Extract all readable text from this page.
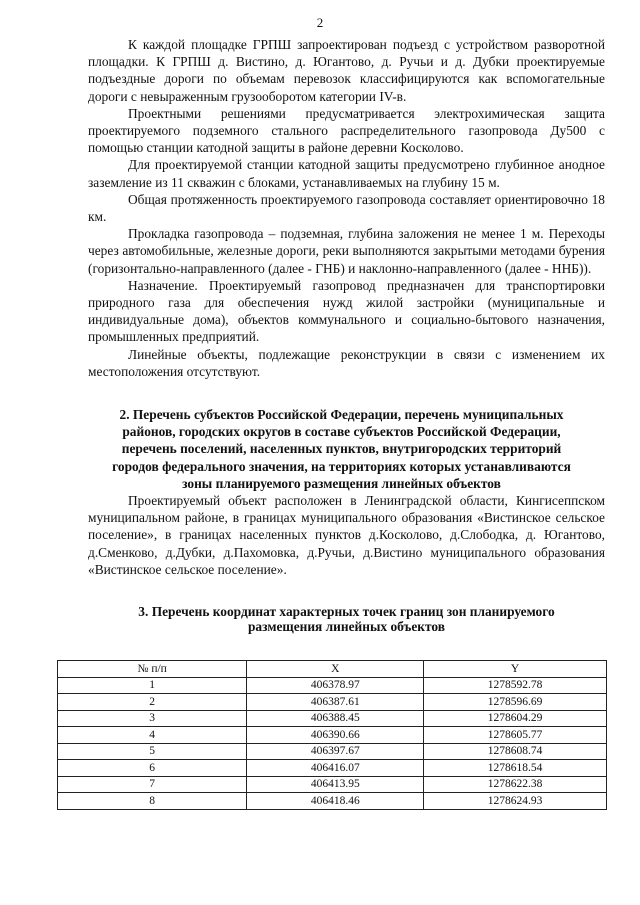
2

К каждой площадке ГРПШ запроектирован подъезд с устройством разворотной площадки. К ГРПШ д. Вистино, д. Югантово, д. Ручьи и д. Дубки проектируемые подъездные дороги по объемам перевозок классифицируются как вспомогательные дороги с невыраженным грузооборотом категории IV-в.

Проектными решениями предусматривается электрохимическая защита проектируемого подземного стального распределительного газопровода Ду500 с помощью станции катодной защиты в районе деревни Косколово.

Для проектируемой станции катодной защиты предусмотрено глубинное анодное заземление из 11 скважин с блоками, устанавливаемых на глубину 15 м.

Общая протяженность проектируемого газопровода составляет ориентировочно 18 км.

Прокладка газопровода – подземная, глубина заложения не менее 1 м. Переходы через автомобильные, железные дороги, реки выполняются закрытыми методами бурения (горизонтально-направленного (далее - ГНБ) и наклонно-направленного (далее - ННБ)).

Назначение. Проектируемый газопровод предназначен для транспортировки природного газа для обеспечения нужд жилой застройки (муниципальные и индивидуальные дома), объектов коммунального и социально-бытового назначения, промышленных предприятий.

Линейные объекты, подлежащие реконструкции в связи с изменением их местоположения отсутствуют.

2. Перечень субъектов Российской Федерации, перечень муниципальных
районов, городских округов в составе субъектов Российской Федерации,
перечень поселений, населенных пунктов, внутригородских территорий
городов федерального значения, на территориях которых устанавливаются
зоны планируемого размещения линейных объектов

Проектируемый объект расположен в Ленинградской области, Кингисеппском муниципальном районе, в границах муниципального образования «Вистинское сельское поселение», в границах населенных пунктов д.Косколово, д.Слободка, д. Югантово, д.Сменково, д.Дубки, д.Пахомовка, д.Ручьи, д.Вистино муниципального образования «Вистинское сельское поселение».

3. Перечень координат характерных точек границ зон планируемого
размещения линейных объектов
№ п/п	X	Y
1	406378.97	1278592.78
2	406387.61	1278596.69
3	406388.45	1278604.29
4	406390.66	1278605.77
5	406397.67	1278608.74
6	406416.07	1278618.54
7	406413.95	1278622.38
8	406418.46	1278624.93
